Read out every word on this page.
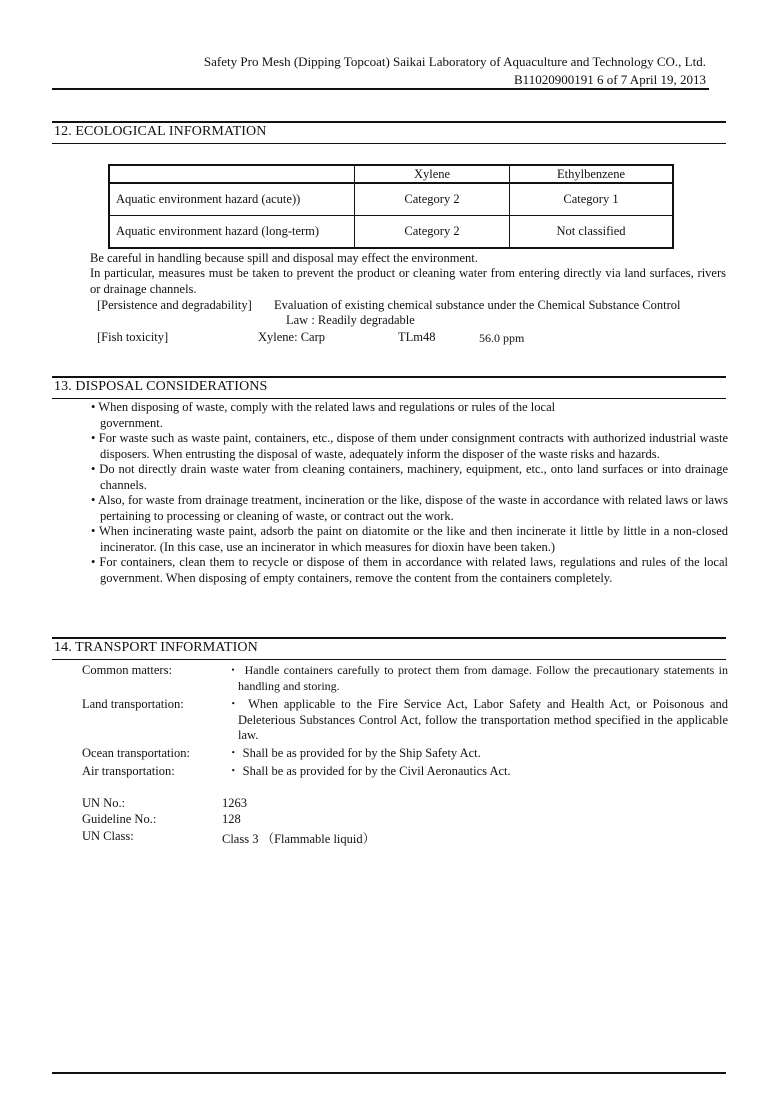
Safety Pro Mesh (Dipping Topcoat) Saikai Laboratory of Aquaculture and Technology CO., Ltd.
B11020900191 6 of 7 April 19, 2013
12. ECOLOGICAL INFORMATION
	Xylene	Ethylbenzene
Aquatic environment hazard (acute))	Category 2	Category 1
Aquatic environment hazard (long-term)	Category 2	Not classified
Be careful in handling because spill and disposal may effect the environment.
In particular, measures must be taken to prevent the product or cleaning water from entering directly via land surfaces, rivers or drainage channels.
[Persistence and degradability] Evaluation of existing chemical substance under the Chemical Substance Control
Law : Readily degradable
[Fish toxicity]	Xylene: Carp	TLm48	56.0 ppm
13. DISPOSAL CONSIDERATIONS
• When disposing of waste, comply with the related laws and regulations or rules of the local
government.
• For waste such as waste paint, containers, etc., dispose of them under consignment contracts with authorized industrial waste disposers. When entrusting the disposal of waste, adequately inform the disposer of the waste risks and hazards.
• Do not directly drain waste water from cleaning containers, machinery, equipment, etc., onto land surfaces or into drainage channels.
• Also, for waste from drainage treatment, incineration or the like, dispose of the waste in accordance with related laws or laws pertaining to processing or cleaning of waste, or contract out the work.
• When incinerating waste paint, adsorb the paint on diatomite or the like and then incinerate it little by little in a non-closed incinerator. (In this case, use an incinerator in which measures for dioxin have been taken.)
• For containers, clean them to recycle or dispose of them in accordance with related laws, regulations and rules of the local government. When disposing of empty containers, remove the content from the containers completely.
14. TRANSPORT INFORMATION
Common matters:	・ Handle containers carefully to protect them from damage. Follow the precautionary statements in handling and storing.
Land transportation:	・ When applicable to the Fire Service Act, Labor Safety and Health Act, or Poisonous and Deleterious Substances Control Act, follow the transportation method specified in the applicable law.
Ocean transportation:	・ Shall be as provided for by the Ship Safety Act.
Air transportation:	・ Shall be as provided for by the Civil Aeronautics Act.
UN No.:	1263
Guideline No.:	128
UN Class:	Class 3 （Flammable liquid）
